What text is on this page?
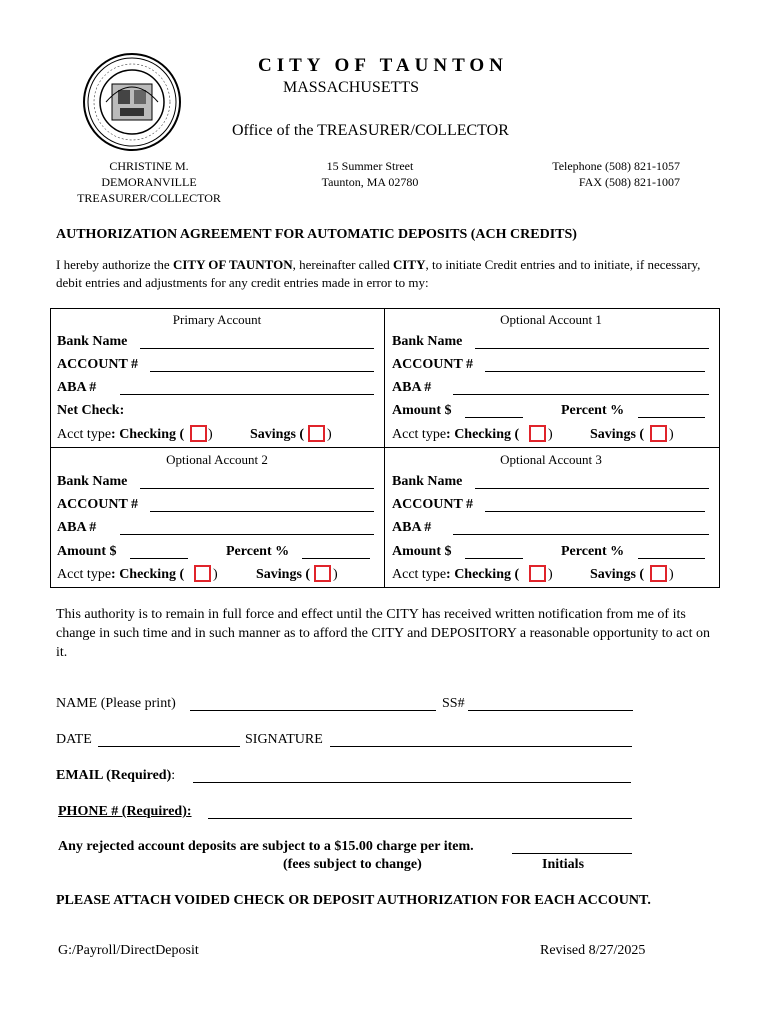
CITY OF TAUNTON
MASSACHUSETTS
Office of the TREASURER/COLLECTOR
CHRISTINE M. DEMORANVILLE
TREASURER/COLLECTOR
15 Summer Street
Taunton, MA 02780
Telephone (508) 821-1057
FAX (508) 821-1007
AUTHORIZATION AGREEMENT FOR AUTOMATIC DEPOSITS (ACH CREDITS)
I hereby authorize the CITY OF TAUNTON, hereinafter called CITY, to initiate Credit entries and to initiate, if necessary, debit entries and adjustments for any credit entries made in error to my:
Primary Account
Bank Name
ACCOUNT #
ABA #
Net Check:
Acct type: Checking ( )	Savings ( )
Optional Account 1
Bank Name
ACCOUNT #
ABA #
Amount $	Percent %
Acct type: Checking ( )	Savings ( )
Optional Account 2
Bank Name
ACCOUNT #
ABA #
Amount $	Percent %
Acct type: Checking ( )	Savings ( )
Optional Account 3
Bank Name
ACCOUNT #
ABA #
Amount $	Percent %
Acct type: Checking ( )	Savings ( )
This authority is to remain in full force and effect until the CITY has received written notification from me of its change in such time and in such manner as to afford the CITY and DEPOSITORY a reasonable opportunity to act on it.
NAME (Please print)	SS#
DATE	SIGNATURE
EMAIL (Required):
PHONE # (Required):
Any rejected account deposits are subject to a $15.00 charge per item.
(fees subject to change)	Initials
PLEASE ATTACH VOIDED CHECK OR DEPOSIT AUTHORIZATION FOR EACH ACCOUNT.
G:/Payroll/DirectDeposit	Revised 8/27/2025
